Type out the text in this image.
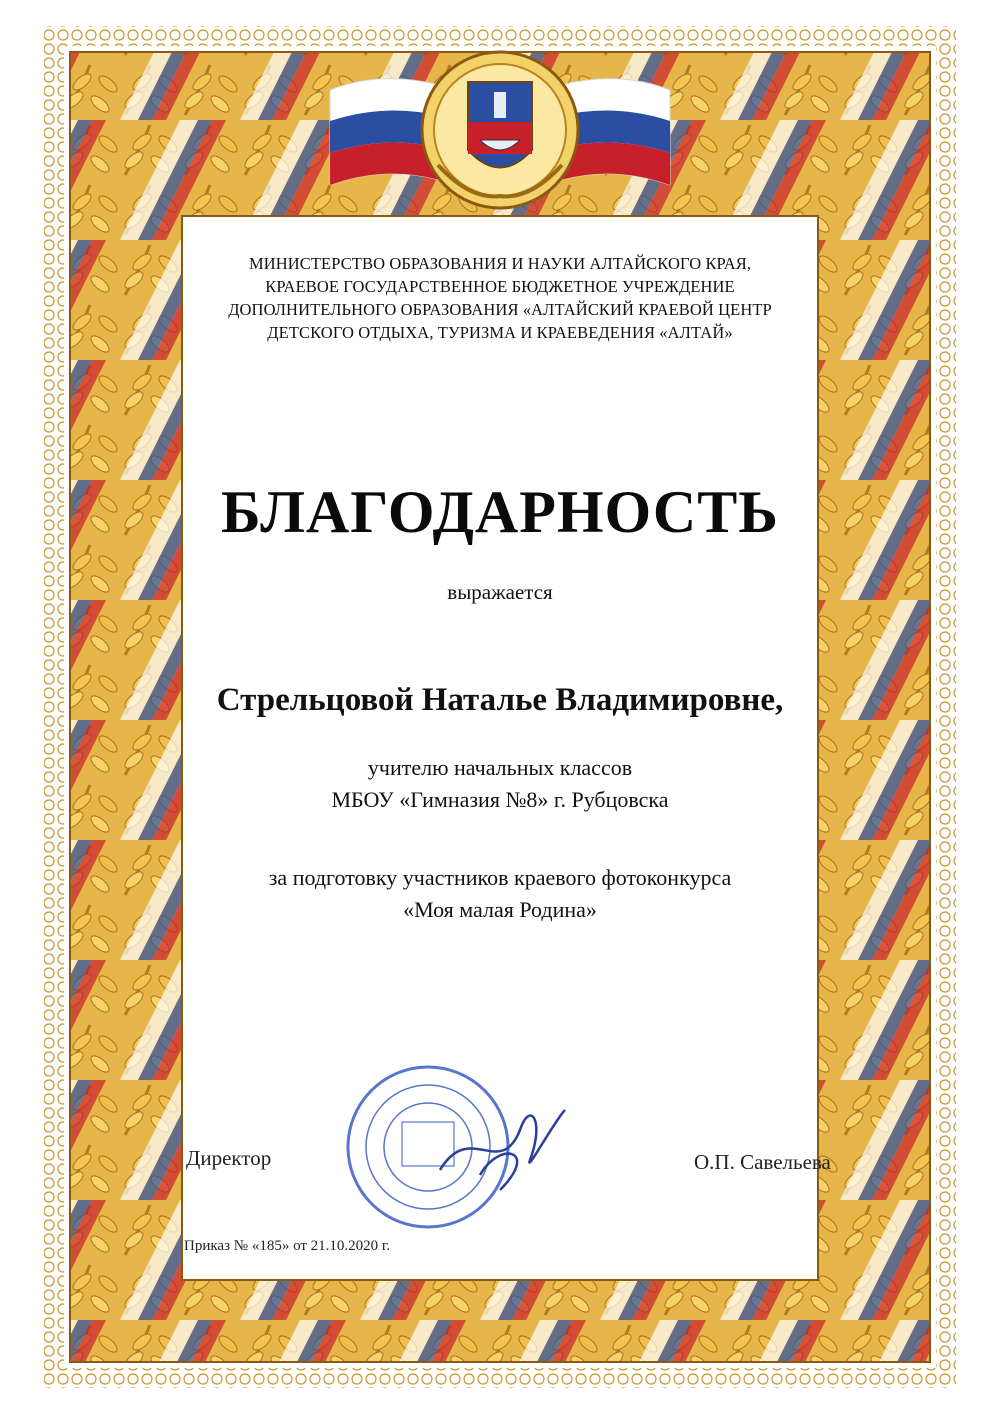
МИНИСТЕРСТВО ОБРАЗОВАНИЯ И НАУКИ АЛТАЙСКОГО КРАЯ,
КРАЕВОЕ ГОСУДАРСТВЕННОЕ БЮДЖЕТНОЕ УЧРЕЖДЕНИЕ
ДОПОЛНИТЕЛЬНОГО ОБРАЗОВАНИЯ «АЛТАЙСКИЙ КРАЕВОЙ ЦЕНТР
ДЕТСКОГО ОТДЫХА, ТУРИЗМА И КРАЕВЕДЕНИЯ «АЛТАЙ»
БЛАГОДАРНОСТЬ
выражается
Стрельцовой Наталье Владимировне,
учителю начальных классов
МБОУ «Гимназия №8» г. Рубцовска
за подготовку участников краевого фотоконкурса
«Моя малая Родина»
Директор	О.П. Савельева
Приказ № «185» от 21.10.2020 г.
